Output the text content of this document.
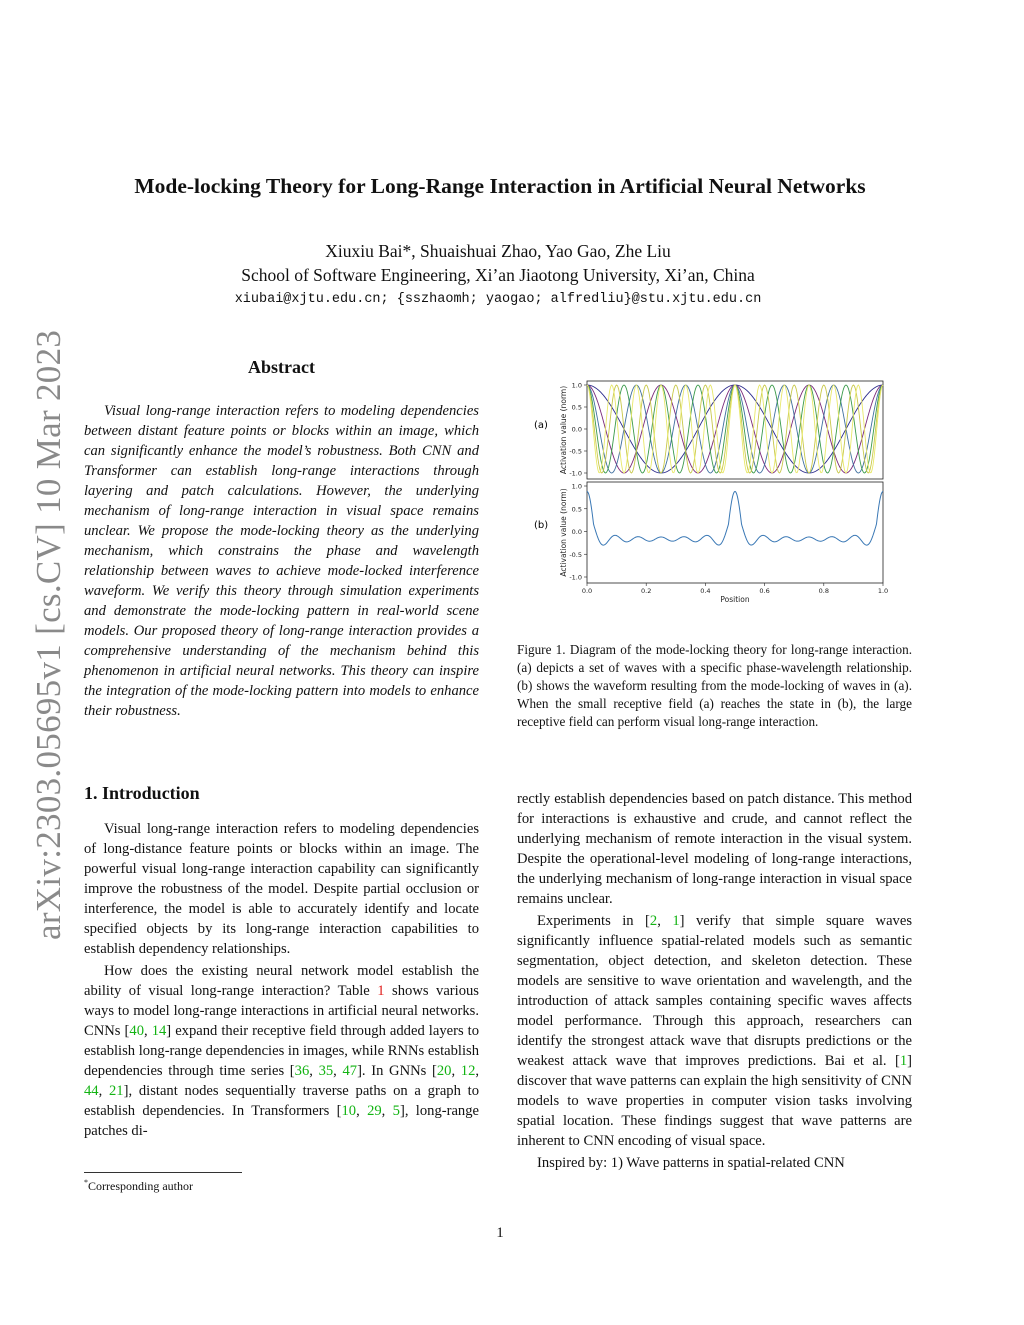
Mode-locking Theory for Long-Range Interaction in Artificial Neural Networks
Xiuxiu Bai*, Shuaishuai Zhao, Yao Gao, Zhe Liu
School of Software Engineering, Xi’an Jiaotong University, Xi’an, China
xiubai@xjtu.edu.cn; {sszhaomh; yaogao; alfredliu}@stu.xjtu.edu.cn
arXiv:2303.05695v1 [cs.CV] 10 Mar 2023	Abstract

Visual long-range interaction refers to modeling dependencies between distant feature points or blocks within an image, which can significantly enhance the model’s robustness. Both CNN and Transformer can establish long-range interactions through layering and patch calculations. However, the underlying mechanism of long-range interaction in visual space remains unclear. We propose the mode-locking theory as the underlying mechanism, which constrains the phase and wavelength relationship between waves to achieve mode-locked interference waveform. We verify this theory through simulation experiments and demonstrate the mode-locking pattern in real-world scene models. Our proposed theory of long-range interaction provides a comprehensive understanding of the mechanism behind this phenomenon in artificial neural networks. This theory can inspire the integration of the mode-locking pattern into models to enhance their robustness.

1. Introduction

Visual long-range interaction refers to modeling dependencies of long-distance feature points or blocks within an image. The powerful visual long-range interaction capability can significantly improve the robustness of the model. Despite partial occlusion or interference, the model is able to accurately identify and locate specified objects by its long-range interaction capabilities to establish dependency relationships.

How does the existing neural network model establish the ability of visual long-range interaction? Table 1 shows various ways to model long-range interactions in artificial neural networks. CNNs [40, 14] expand their receptive field through added layers to establish long-range dependencies in images, while RNNs establish dependencies through time series [36, 35, 47]. In GNNs [20, 12, 44, 21], distant nodes sequentially traverse paths on a graph to establish dependencies. In Transformers [10, 29, 5], long-range patches di-

*Corresponding author
(a)
(b)
1.0
0.5
0.0
-0.5
-1.0
Activation value (norm)
1.0
0.5
0.0
-0.5
-1.0
Activation value (norm)
0.0	0.2	0.4	0.6	0.8	1.0
Position
Figure 1. Diagram of the mode-locking theory for long-range interaction. (a) depicts a set of waves with a specific phase-wavelength relationship. (b) shows the waveform resulting from the mode-locking of waves in (a). When the small receptive field (a) reaches the state in (b), the large receptive field can perform visual long-range interaction.

rectly establish dependencies based on patch distance. This method for interactions is exhaustive and crude, and cannot reflect the underlying mechanism of remote interaction in the visual system. Despite the operational-level modeling of long-range interactions, the underlying mechanism of long-range interaction in visual space remains unclear.

Experiments in [2, 1] verify that simple square waves significantly influence spatial-related models such as semantic segmentation, object detection, and skeleton detection. These models are sensitive to wave orientation and wavelength, and the introduction of attack samples containing specific waves affects model performance. Through this approach, researchers can identify the strongest attack wave that disrupts predictions or the weakest attack wave that improves predictions. Bai et al. [1] discover that wave patterns can explain the high sensitivity of CNN models to wave properties in computer vision tasks involving spatial location. These findings suggest that wave patterns are inherent to CNN encoding of visual space.

Inspired by: 1) Wave patterns in spatial-related CNN

1
